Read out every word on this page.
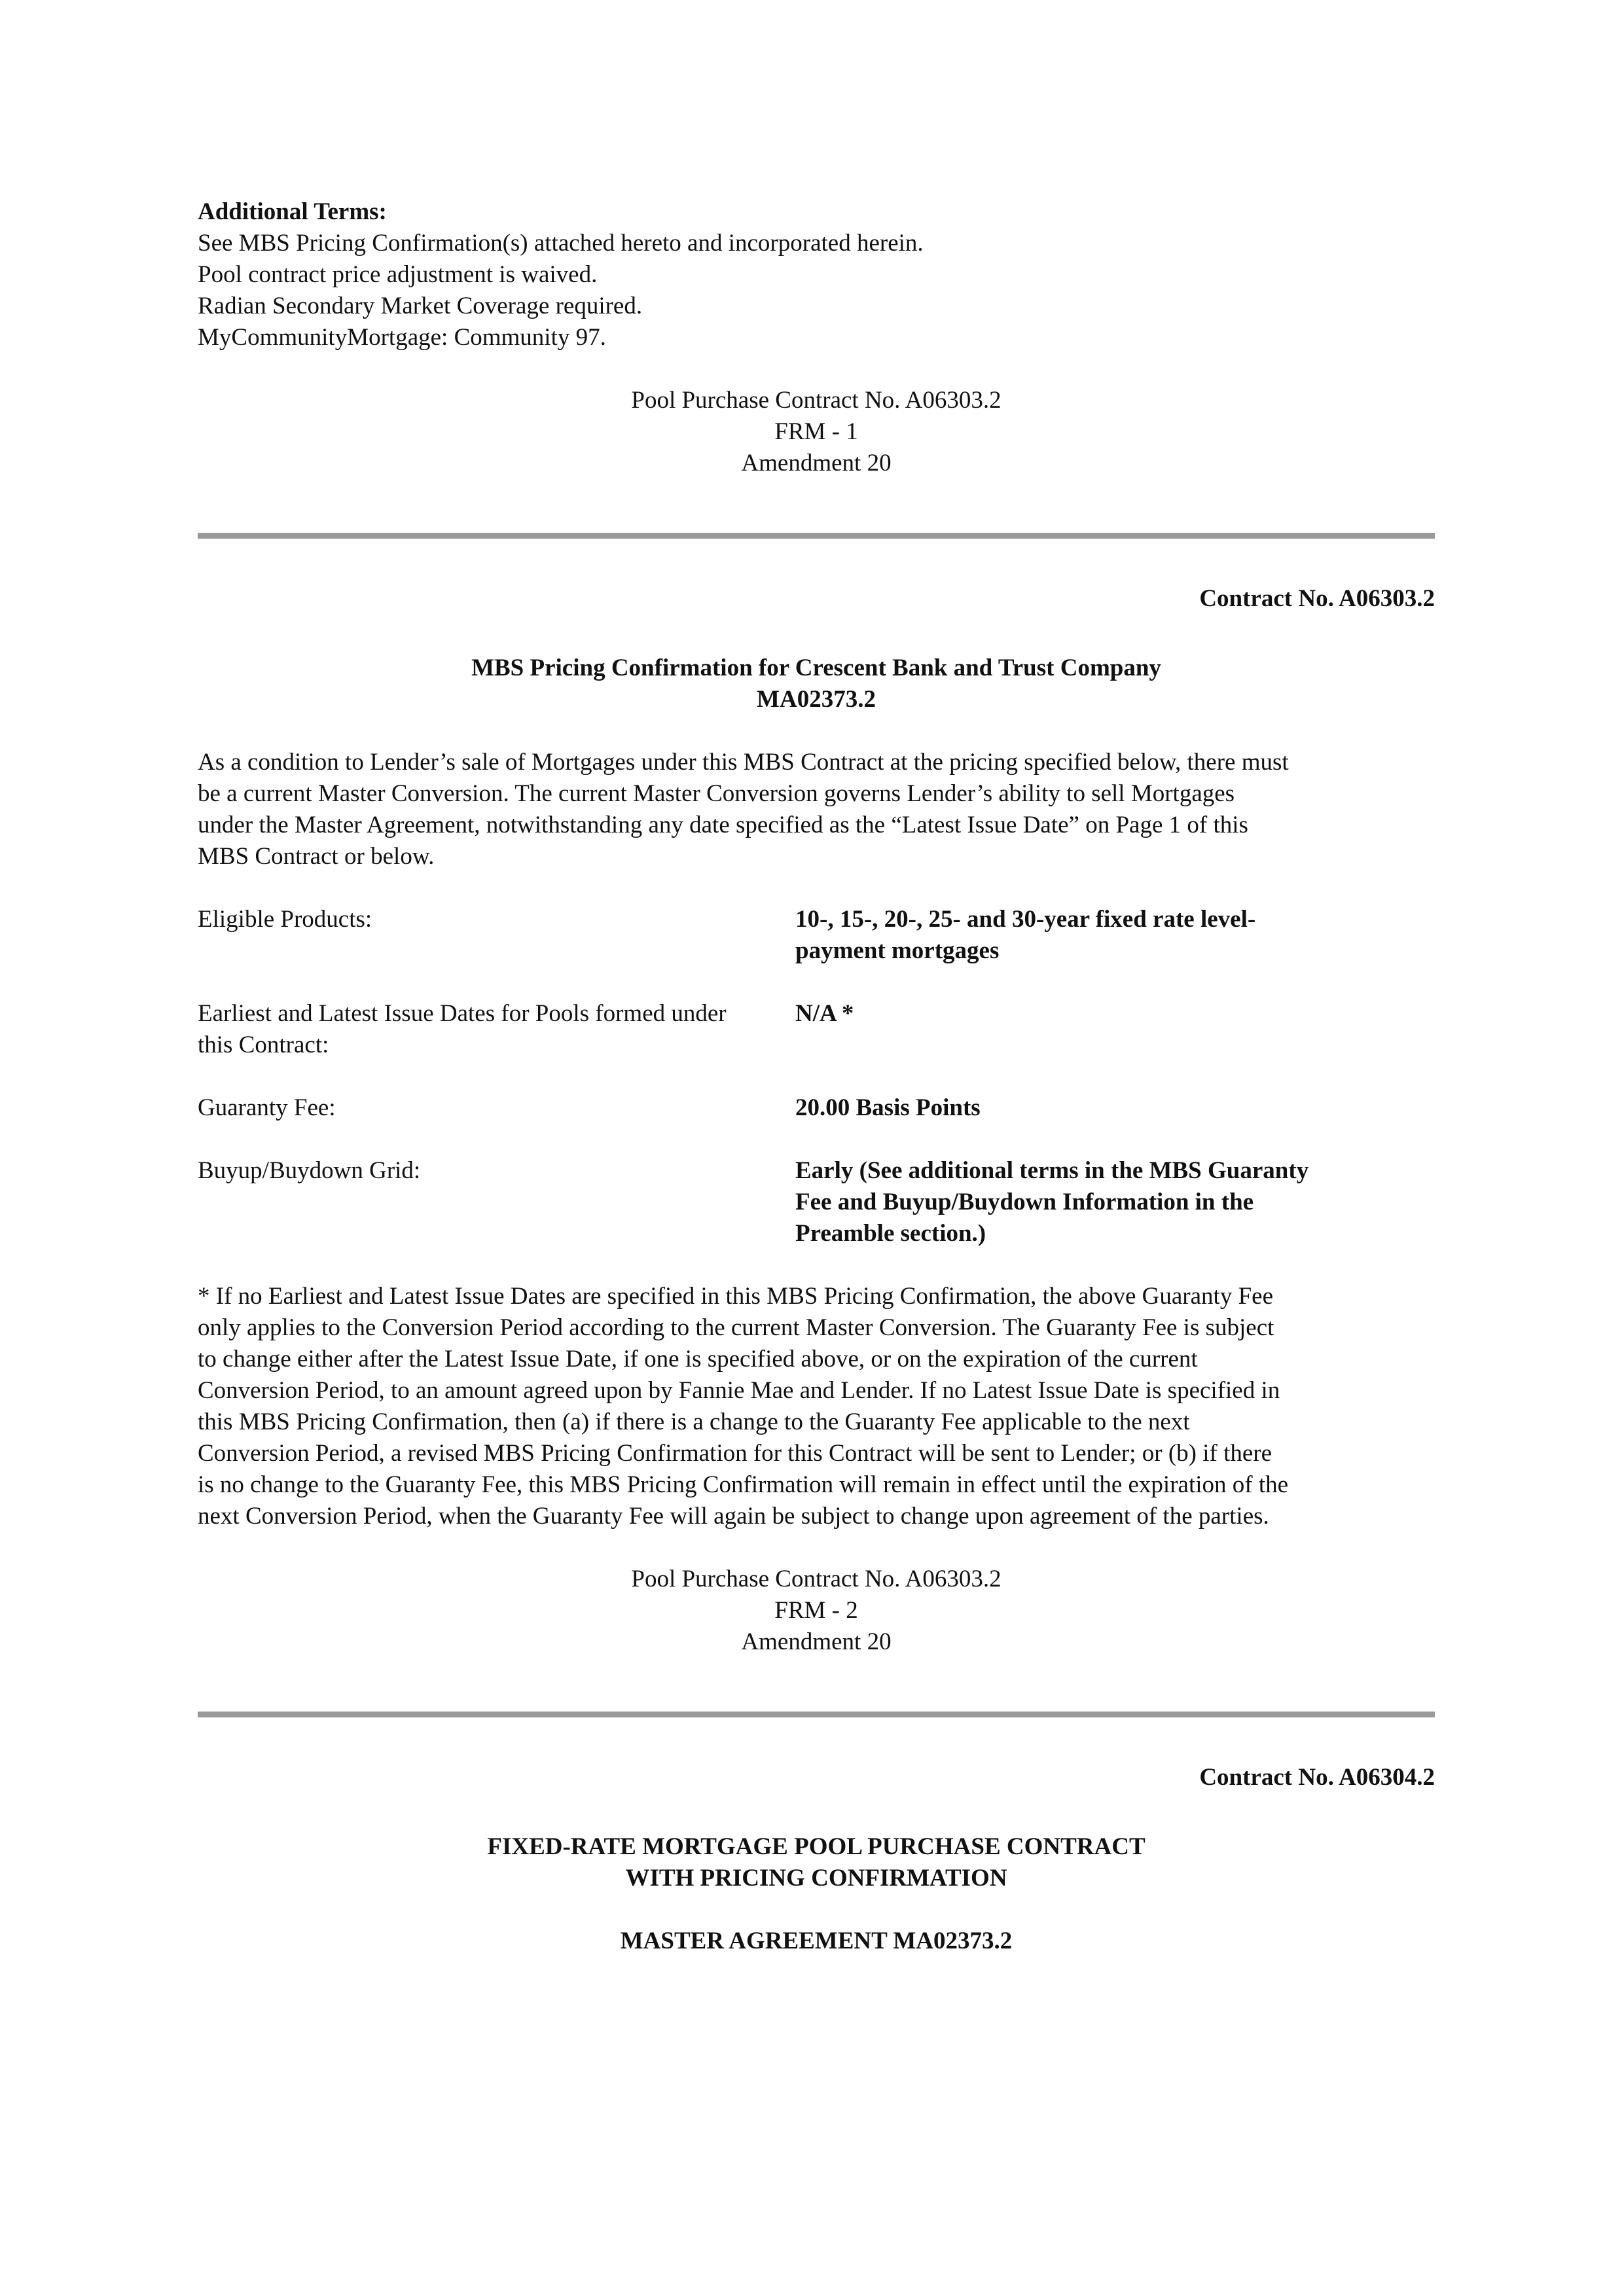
Additional Terms:
See MBS Pricing Confirmation(s) attached hereto and incorporated herein.
Pool contract price adjustment is waived.
Radian Secondary Market Coverage required.
MyCommunityMortgage: Community 97.
Pool Purchase Contract No. A06303.2
FRM - 1
Amendment 20
Contract No. A06303.2
MBS Pricing Confirmation for Crescent Bank and Trust Company
MA02373.2
As a condition to Lender’s sale of Mortgages under this MBS Contract at the pricing specified below, there must
be a current Master Conversion. The current Master Conversion governs Lender’s ability to sell Mortgages
under the Master Agreement, notwithstanding any date specified as the “Latest Issue Date” on Page 1 of this
MBS Contract or below.
Eligible Products:	10-, 15-, 20-, 25- and 30-year fixed rate level-
payment mortgages
Earliest and Latest Issue Dates for Pools formed under
this Contract:
N/A *
Guaranty Fee:	20.00 Basis Points
Buyup/Buydown Grid:	Early (See additional terms in the MBS Guaranty
Fee and Buyup/Buydown Information in the
Preamble section.)
* If no Earliest and Latest Issue Dates are specified in this MBS Pricing Confirmation, the above Guaranty Fee
only applies to the Conversion Period according to the current Master Conversion. The Guaranty Fee is subject
to change either after the Latest Issue Date, if one is specified above, or on the expiration of the current
Conversion Period, to an amount agreed upon by Fannie Mae and Lender. If no Latest Issue Date is specified in
this MBS Pricing Confirmation, then (a) if there is a change to the Guaranty Fee applicable to the next
Conversion Period, a revised MBS Pricing Confirmation for this Contract will be sent to Lender; or (b) if there
is no change to the Guaranty Fee, this MBS Pricing Confirmation will remain in effect until the expiration of the
next Conversion Period, when the Guaranty Fee will again be subject to change upon agreement of the parties.
Pool Purchase Contract No. A06303.2
FRM - 2
Amendment 20
Contract No. A06304.2
FIXED-RATE MORTGAGE POOL PURCHASE CONTRACT
WITH PRICING CONFIRMATION
MASTER AGREEMENT MA02373.2
